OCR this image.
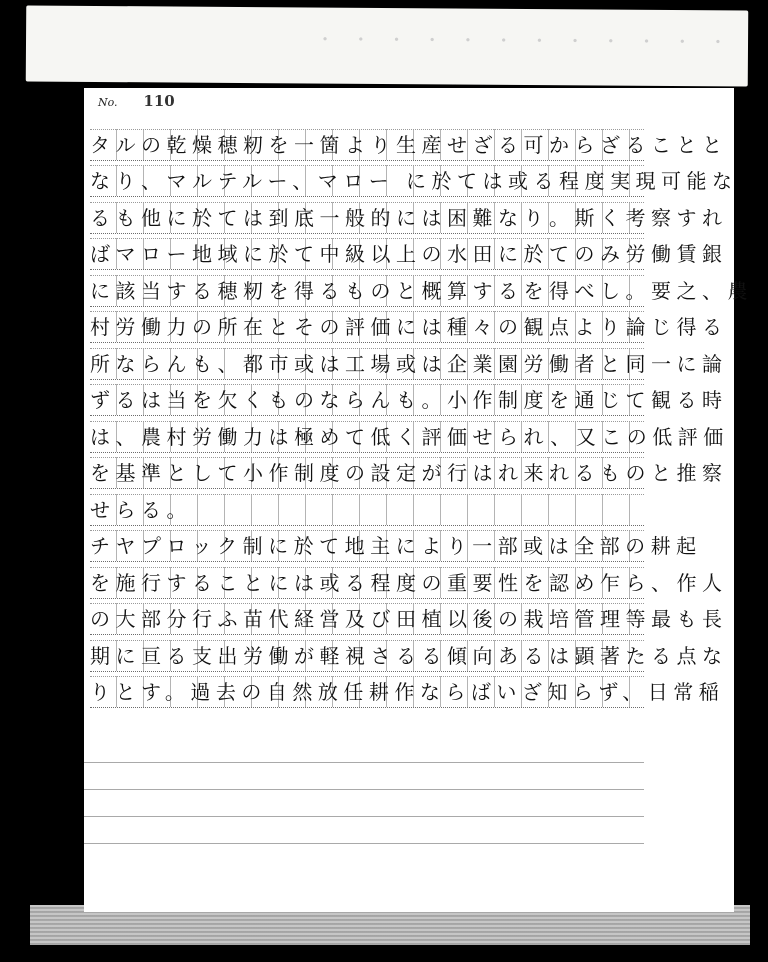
・ ・ ・ ・ ・ ・ ・ ・ ・ ・ ・ ・
No. 110
タルの乾燥穂籾を一箇より生産せざる可からざることと
なり、マルテルー、マロー に於ては或る程度実現可能な
るも他に於ては到底一般的には困難なり。斯く考察すれ
ばマロー地域に於て中級以上の水田に於てのみ労働賃銀
に該当する穂籾を得るものと概算するを得べし。要之、農
村労働力の所在とその評価には種々の観点より論じ得る
所ならんも、都市或は工場或は企業園労働者と同一に論
ずるは当を欠くものならんも。小作制度を通じて観る時
は、農村労働力は極めて低く評価せられ、又この低評価
を基準として小作制度の設定が行はれ来れるものと推察
せらる。
チヤプロック制に於て地主により一部或は全部の耕起
を施行することには或る程度の重要性を認め乍ら、作人
の大部分行ふ苗代経営及び田植以後の栽培管理等最も長
期に亘る支出労働が軽視さるる傾向あるは顕著たる点な
りとす。過去の自然放任耕作ならばいざ知らず、日常稲
